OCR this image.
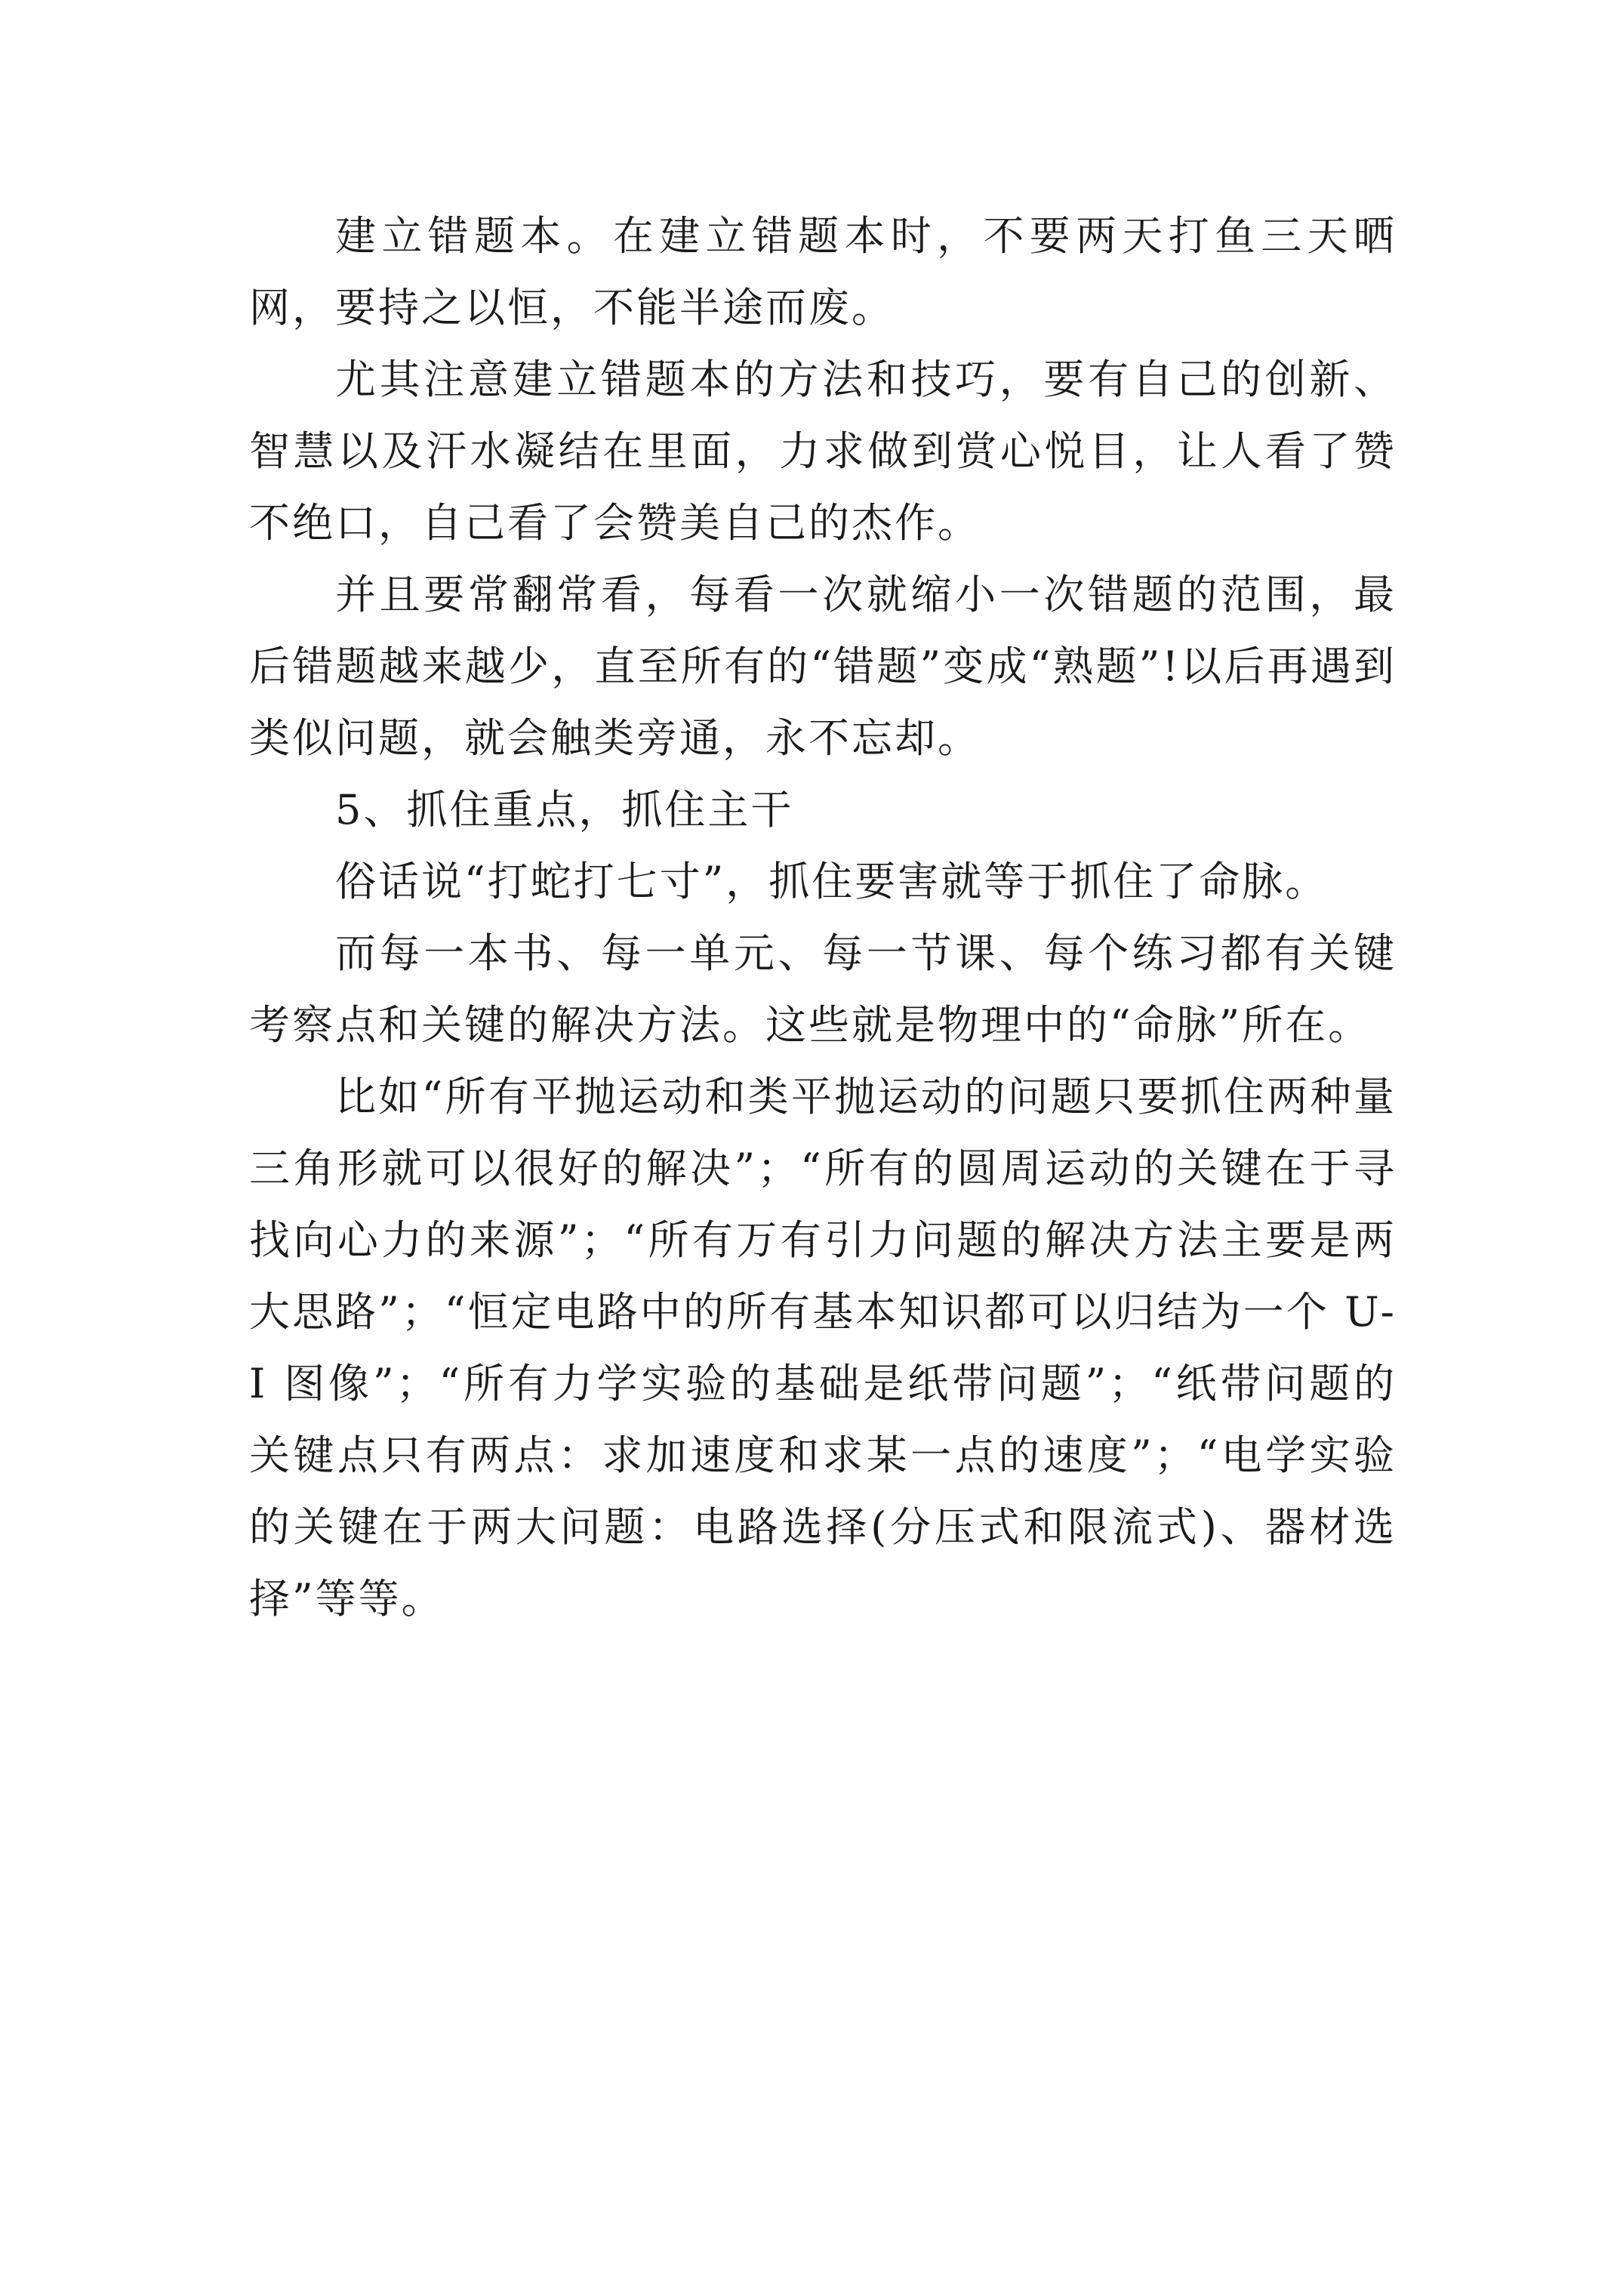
建立错题本。在建立错题本时，不要两天打鱼三天晒网，要持之以恒，不能半途而废。

尤其注意建立错题本的方法和技巧，要有自己的创新、智慧以及汗水凝结在里面，力求做到赏心悦目，让人看了赞不绝口，自己看了会赞美自己的杰作。

并且要常翻常看，每看一次就缩小一次错题的范围，最后错题越来越少，直至所有的“错题”变成“熟题”!以后再遇到类似问题，就会触类旁通，永不忘却。

5、抓住重点，抓住主干

俗话说“打蛇打七寸”，抓住要害就等于抓住了命脉。

而每一本书、每一单元、每一节课、每个练习都有关键考察点和关键的解决方法。这些就是物理中的“命脉”所在。

比如“所有平抛运动和类平抛运动的问题只要抓住两种量三角形就可以很好的解决”；“所有的圆周运动的关键在于寻找向心力的来源”；“所有万有引力问题的解决方法主要是两大思路”；“恒定电路中的所有基本知识都可以归结为一个 U-I 图像”；“所有力学实验的基础是纸带问题”；“纸带问题的关键点只有两点：求加速度和求某一点的速度”；“电学实验的关键在于两大问题：电路选择(分压式和限流式)、器材选择”等等。
